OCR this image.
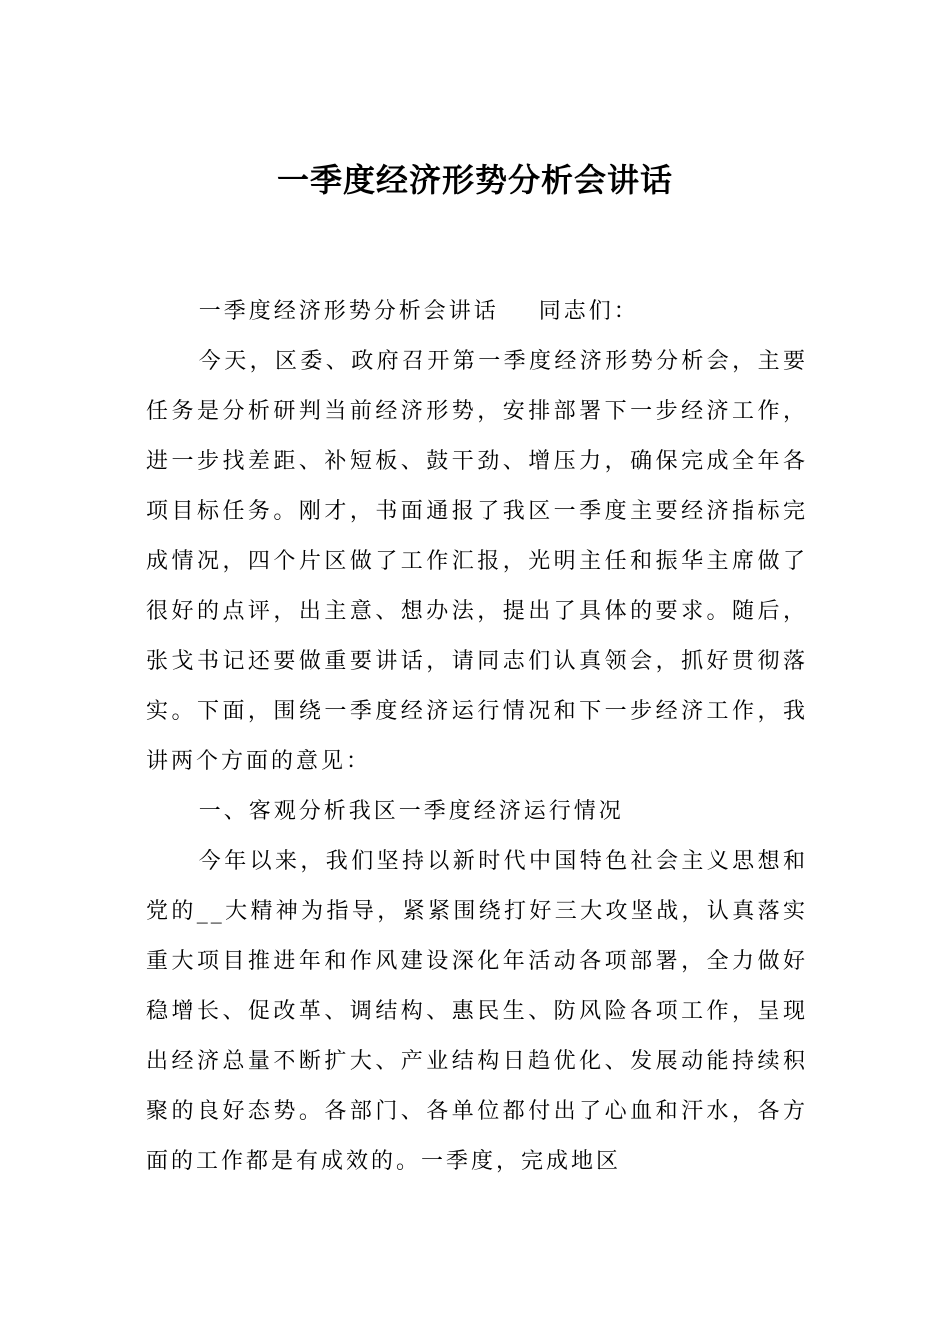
一季度经济形势分析会讲话

一季度经济形势分析会讲话 同志们：

今天，区委、政府召开第一季度经济形势分析会，主要任务是分析研判当前经济形势，安排部署下一步经济工作，进一步找差距、补短板、鼓干劲、增压力，确保完成全年各项目标任务。刚才，书面通报了我区一季度主要经济指标完成情况，四个片区做了工作汇报，光明主任和振华主席做了很好的点评，出主意、想办法，提出了具体的要求。随后，张戈书记还要做重要讲话，请同志们认真领会，抓好贯彻落实。下面，围绕一季度经济运行情况和下一步经济工作，我讲两个方面的意见：

一、客观分析我区一季度经济运行情况

今年以来，我们坚持以新时代中国特色社会主义思想和党的__大精神为指导，紧紧围绕打好三大攻坚战，认真落实重大项目推进年和作风建设深化年活动各项部署，全力做好稳增长、促改革、调结构、惠民生、防风险各项工作，呈现出经济总量不断扩大、产业结构日趋优化、发展动能持续积聚的良好态势。各部门、各单位都付出了心血和汗水，各方面的工作都是有成效的。一季度，完成地区
